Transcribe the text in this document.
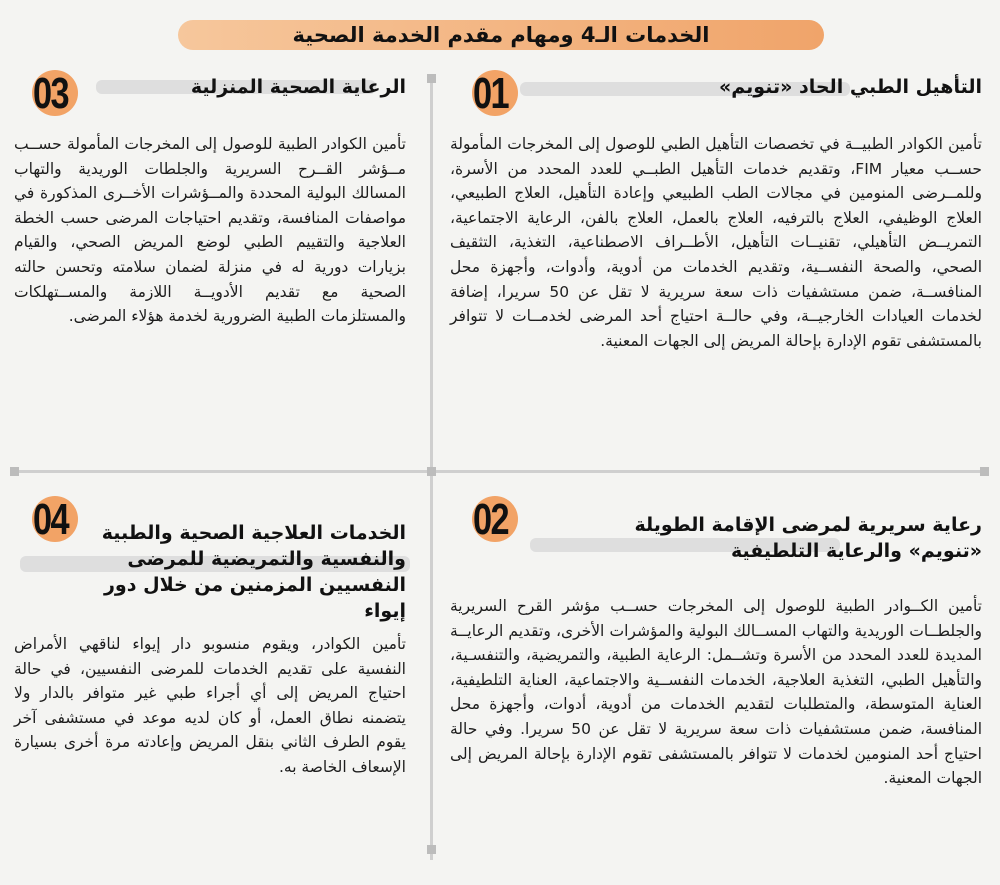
الخدمات الـ4 ومهام مقدم الخدمة الصحية
01	التأهيل الطبي الحاد «تنويم»
تأمين الكوادر الطبيــة في تخصصات التأهيل الطبي للوصول إلى المخرجات المأمولة حســب معيار FIM، وتقديم خدمات التأهيل الطبــي للعدد المحدد من الأسرة، وللمــرضى المنومين في مجالات الطب الطبيعي وإعادة التأهيل، العلاج الطبيعي، العلاج الوظيفي، العلاج بالترفيه، العلاج بالعمل، العلاج بالفن، الرعاية الاجتماعية، التمريــض التأهيلي، تقنيــات التأهيل، الأطــراف الاصطناعية، التغذية، التثقيف الصحي، والصحة النفســية، وتقديم الخدمات من أدوية، وأدوات، وأجهزة محل المنافســة، ضمن مستشفيات ذات سعة سريرية لا تقل عن 50 سريرا، إضافة لخدمات العيادات الخارجيــة، وفي حالــة احتياج أحد المرضى لخدمــات لا تتوافر بالمستشفى تقوم الإدارة بإحالة المريض إلى الجهات المعنية.
03	الرعاية الصحية المنزلية
تأمين الكوادر الطبية للوصول إلى المخرجات المأمولة حســب مــؤشر القــرح السريرية والجلطات الوريدية والتهاب المسالك البولية المحددة والمــؤشرات الأخــرى المذكورة في مواصفات المنافسة، وتقديم احتياجات المرضى حسب الخطة العلاجية والتقييم الطبي لوضع المريض الصحي، والقيام بزيارات دورية له في منزلة لضمان سلامته وتحسن حالته الصحية مع تقديم الأدويــة اللازمة والمســتهلكات والمستلزمات الطبية الضرورية لخدمة هؤلاء المرضى.
02	رعاية سريرية لمرضى الإقامة الطويلة «تنويم» والرعاية التلطيفية
تأمين الكــوادر الطبية للوصول إلى المخرجات حســب مؤشر القرح السريرية والجلطــات الوريدية والتهاب المســالك البولية والمؤشرات الأخرى، وتقديم الرعايــة المديدة للعدد المحدد من الأسرة وتشــمل: الرعاية الطبية، والتمريضية، والتنفسـية، والتأهيل الطبي، التغذية العلاجية، الخدمات النفســية والاجتماعية، العناية التلطيفية، العناية المتوسطة، والمتطلبات لتقديم الخدمات من أدوية، أدوات، وأجهزة محل المنافسة، ضمن مستشفيات ذات سعة سريرية لا تقل عن 50 سريرا. وفي حالة احتياج أحد المنومين لخدمات لا تتوافر بالمستشفى تقوم الإدارة بإحالة المريض إلى الجهات المعنية.
04	الخدمات العلاجية الصحية والطبية والنفسية والتمريضية للمرضى النفسيين المزمنين من خلال دور إيواء
تأمين الكوادر، ويقوم منسوبو دار إيواء لناقهي الأمراض النفسية على تقديم الخدمات للمرضى النفسيين، في حالة احتياج المريض إلى أي أجراء طبي غير متوافر بالدار ولا يتضمنه نطاق العمل، أو كان لديه موعد في مستشفى آخر يقوم الطرف الثاني بنقل المريض وإعادته مرة أخرى بسيارة الإسعاف الخاصة به.
